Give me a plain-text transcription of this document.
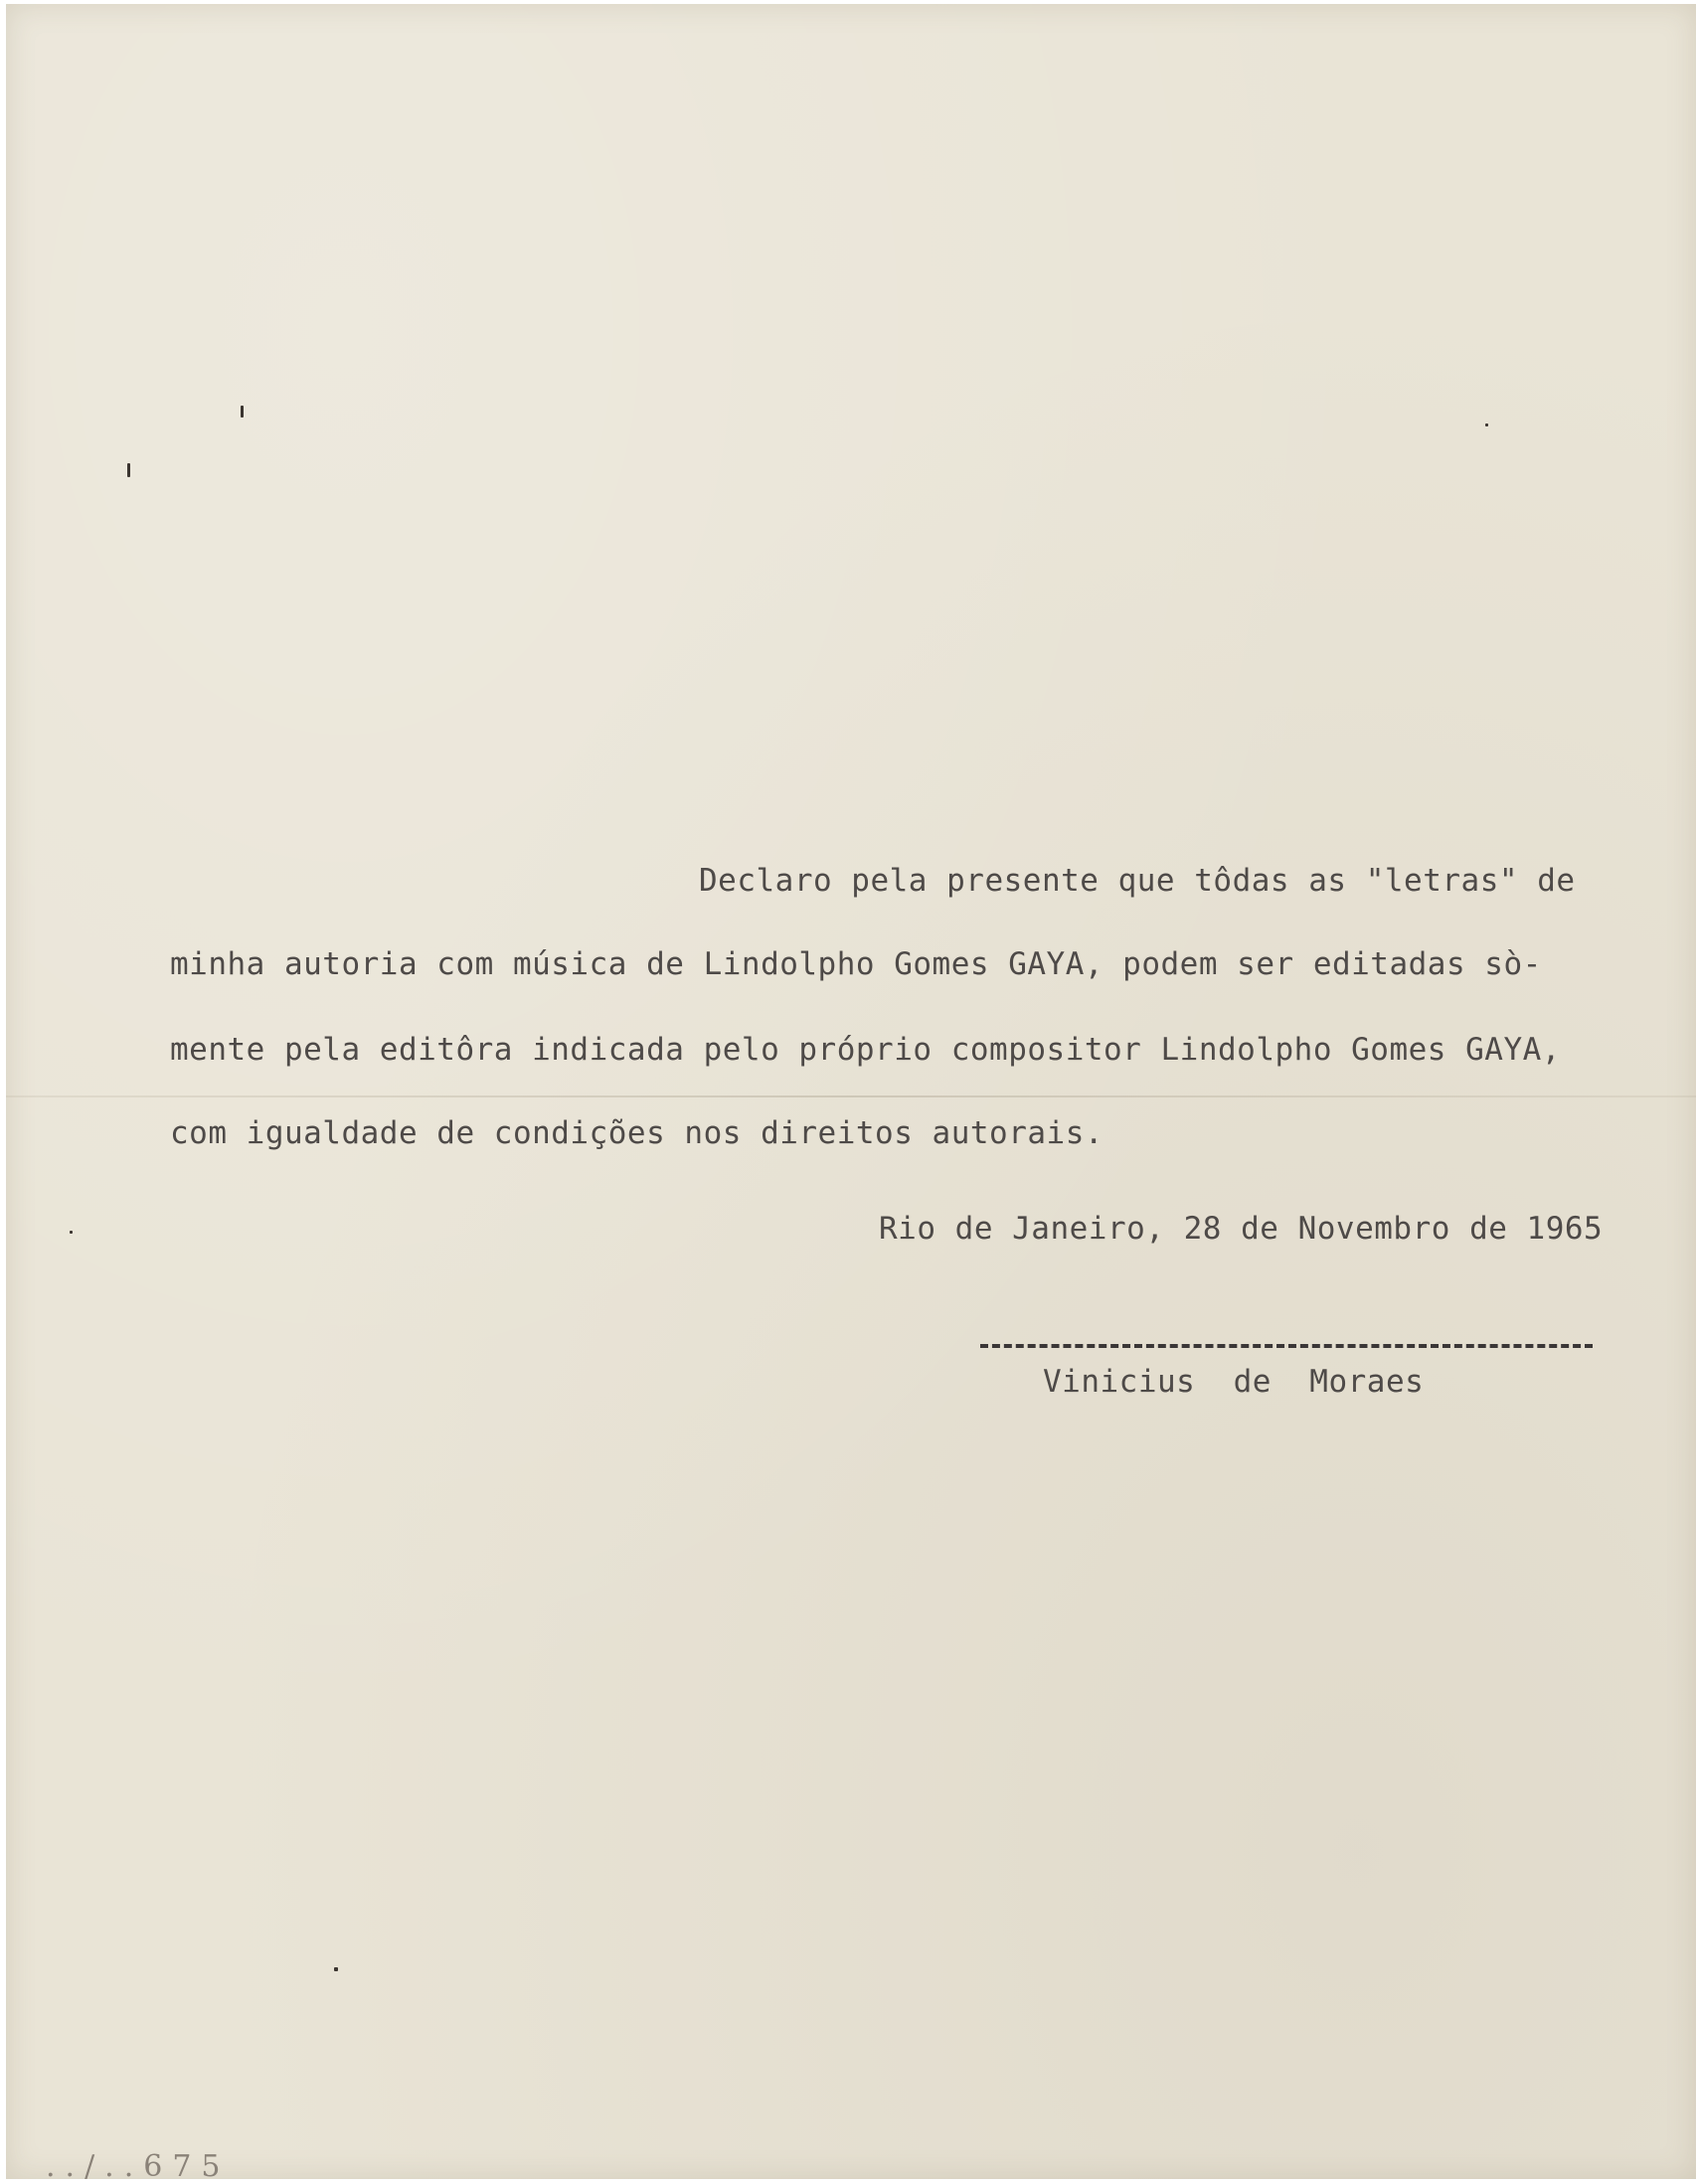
Declaro pela presente que tôdas as "letras" de

minha autoria com música de Lindolpho Gomes GAYA, podem ser editadas sò-

mente pela editôra indicada pelo próprio compositor Lindolpho Gomes GAYA,

com igualdade de condições nos direitos autorais.

Rio de Janeiro, 28 de Novembro de 1965

Vinicius  de  Moraes

../..675
